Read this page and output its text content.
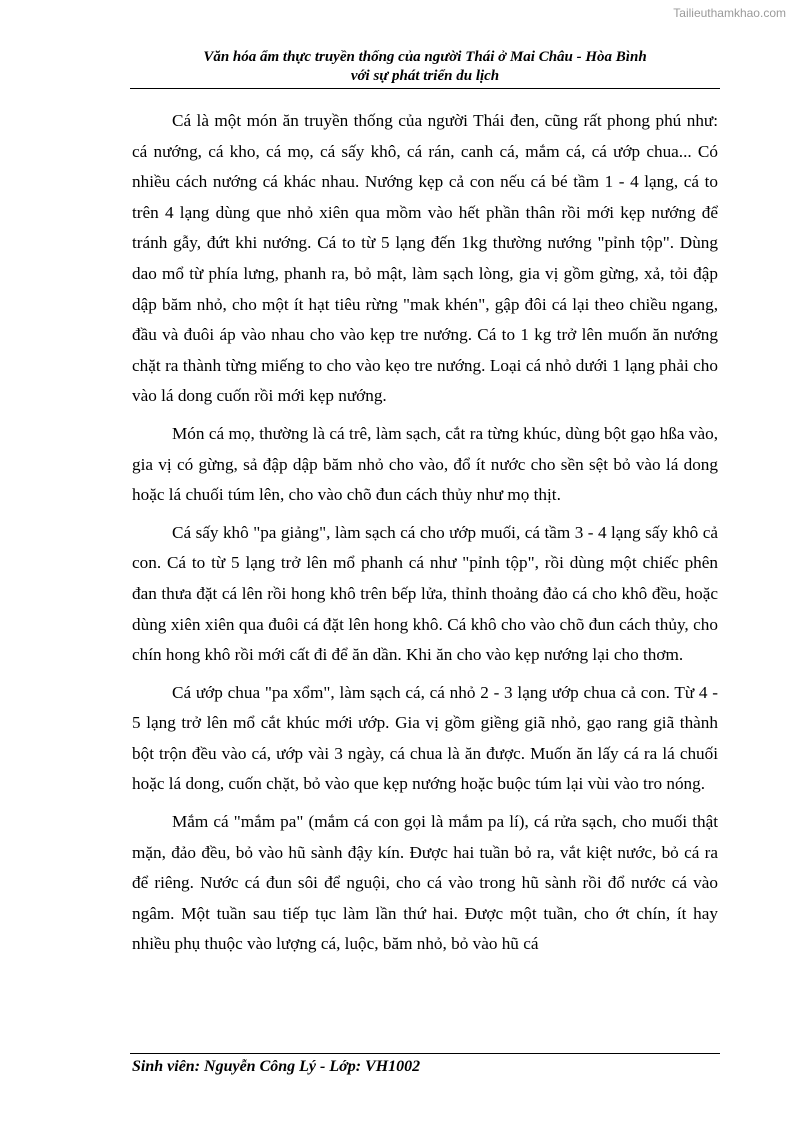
Tailieuthamkhao.com
Văn hóa ẩm thực truyền thống của người Thái ở Mai Châu - Hòa Bình
với sự phát triển du lịch

Cá là một món ăn truyền thống của người Thái đen, cũng rất phong phú như: cá nướng, cá kho, cá mọ, cá sấy khô, cá rán, canh cá, mắm cá, cá ướp chua... Có nhiều cách nướng cá khác nhau. Nướng kẹp cả con nếu cá bé tầm 1 - 4 lạng, cá to trên 4 lạng dùng que nhỏ xiên qua mồm vào hết phần thân rồi mới kẹp nướng để tránh gẫy, đứt khi nướng. Cá to từ 5 lạng đến 1kg thường nướng "pỉnh tộp". Dùng dao mổ từ phía lưng, phanh ra, bỏ mật, làm sạch lòng, gia vị gồm gừng, xả, tỏi đập dập băm nhỏ, cho một ít hạt tiêu rừng "mak khén", gập đôi cá lại theo chiều ngang, đầu và đuôi áp vào nhau cho vào kẹp tre nướng. Cá to 1 kg trở lên muốn ăn nướng chặt ra thành từng miếng to cho vào kẹo tre nướng. Loại cá nhỏ dưới 1 lạng phải cho vào lá dong cuốn rồi mới kẹp nướng.

Món cá mọ, thường là cá trê, làm sạch, cắt ra từng khúc, dùng bột gạo hßa vào, gia vị có gừng, sả đập dập băm nhỏ cho vào, đổ ít nước cho sền sệt bỏ vào lá dong hoặc lá chuối túm lên, cho vào chõ đun cách thủy như mọ thịt.

Cá sấy khô "pa giảng", làm sạch cá cho ướp muối, cá tầm 3 - 4 lạng sấy khô cả con. Cá to từ 5 lạng trở lên mổ phanh cá như "pỉnh tộp", rồi dùng một chiếc phên đan thưa đặt cá lên rồi hong khô trên bếp lửa, thỉnh thoảng đảo cá cho khô đều, hoặc dùng xiên xiên qua đuôi cá đặt lên hong khô. Cá khô cho vào chõ đun cách thủy, cho chín hong khô rồi mới cất đi để ăn dần. Khi ăn cho vào kẹp nướng lại cho thơm.

Cá ướp chua "pa xổm", làm sạch cá, cá nhỏ 2 - 3 lạng ướp chua cả con. Từ 4 - 5 lạng trở lên mổ cắt khúc mới ướp. Gia vị gồm giềng giã nhỏ, gạo rang giã thành bột trộn đều vào cá, ướp vài 3 ngày, cá chua là ăn được. Muốn ăn lấy cá ra lá chuối hoặc lá dong, cuốn chặt, bỏ vào que kẹp nướng hoặc buộc túm lại vùi vào tro nóng.

Mắm cá "mắm pa" (mắm cá con gọi là mắm pa lí), cá rửa sạch, cho muối thật mặn, đảo đều, bỏ vào hũ sành đậy kín. Được hai tuần bỏ ra, vắt kiệt nước, bỏ cá ra để riêng. Nước cá đun sôi để nguội, cho cá vào trong hũ sành rồi đổ nước cá vào ngâm. Một tuần sau tiếp tục làm lần thứ hai. Được một tuần, cho ớt chín, ít hay nhiều phụ thuộc vào lượng cá, luộc, băm nhỏ, bỏ vào hũ cá

Sinh viên: Nguyễn Công Lý - Lớp: VH1002
